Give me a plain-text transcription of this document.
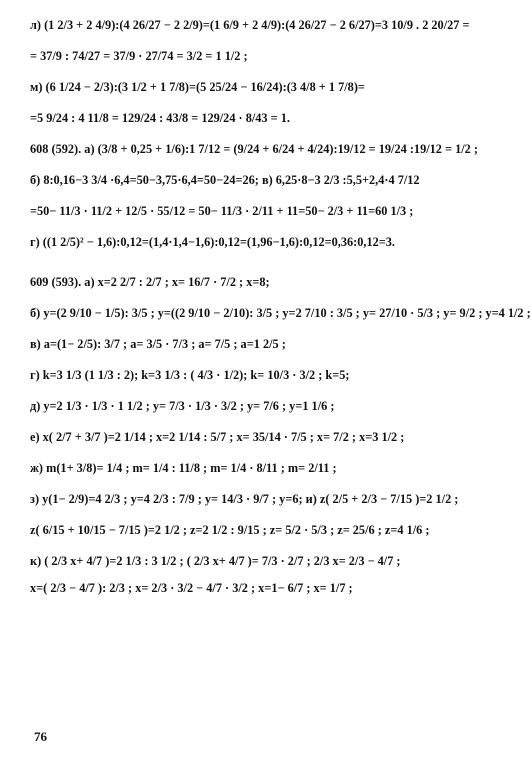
л) (1 2/3 + 2 4/9):(4 26/27 − 2 2/9)=(1 6/9 + 2 4/9):(4 26/27 − 2 6/27)=3 10/9 . 2 20/27 =
= 37/9 : 74/27 = 37/9 · 27/74 = 3/2 = 1 1/2 ;
м) (6 1/24 − 2/3):(3 1/2 + 1 7/8)=(5 25/24 − 16/24):(3 4/8 + 1 7/8)=
=5 9/24 : 4 11/8 = 129/24 : 43/8 = 129/24 · 8/43 = 1.
608 (592). а) (3/8 + 0,25 + 1/6):1 7/12 = (9/24 + 6/24 + 4/24):19/12 = 19/24 :19/12 = 1/2 ;
б) 8:0,16−3 3/4 ·6,4=50−3,75·6,4=50−24=26; в) 6,25·8−3 2/3 :5,5+2,4·4 7/12
=50− 11/3 · 11/2 + 12/5 · 55/12 = 50− 11/3 · 2/11 + 11=50− 2/3 + 11=60 1/3 ;
г) ((1 2/5)² − 1,6):0,12=(1,4·1,4−1,6):0,12=(1,96−1,6):0,12=0,36:0,12=3.
609 (593). а) x=2 2/7 : 2/7 ; x= 16/7 · 7/2 ; x=8;
б) y=(2 9/10 − 1/5): 3/5 ; y=((2 9/10 − 2/10): 3/5 ; y=2 7/10 : 3/5 ; y= 27/10 · 5/3 ; y= 9/2 ; y=4 1/2 ;
в) a=(1− 2/5): 3/7 ; a= 3/5 · 7/3 ; a= 7/5 ; a=1 2/5 ;
г) k=3 1/3 (1 1/3 : 2); k=3 1/3 : ( 4/3 · 1/2); k= 10/3 · 3/2 ; k=5;
д) y=2 1/3 · 1/3 · 1 1/2 ; y= 7/3 · 1/3 · 3/2 ; y= 7/6 ; y=1 1/6 ;
е) x( 2/7 + 3/7 )=2 1/14 ; x=2 1/14 : 5/7 ; x= 35/14 · 7/5 ; x= 7/2 ; x=3 1/2 ;
ж) m(1+ 3/8)= 1/4 ; m= 1/4 : 11/8 ; m= 1/4 · 8/11 ; m= 2/11 ;
з) y(1− 2/9)=4 2/3 ; y=4 2/3 : 7/9 ; y= 14/3 · 9/7 ; y=6; и) z( 2/5 + 2/3 − 7/15 )=2 1/2 ;
z( 6/15 + 10/15 − 7/15 )=2 1/2 ; z=2 1/2 : 9/15 ; z= 5/2 · 5/3 ; z= 25/6 ; z=4 1/6 ;
к) ( 2/3 x+ 4/7 )=2 1/3 : 3 1/2 ; ( 2/3 x+ 4/7 )= 7/3 · 2/7 ; 2/3 x= 2/3 − 4/7 ;
x=( 2/3 − 4/7 ): 2/3 ; x= 2/3 · 3/2 − 4/7 · 3/2 ; x=1− 6/7 ; x= 1/7 ;
76
